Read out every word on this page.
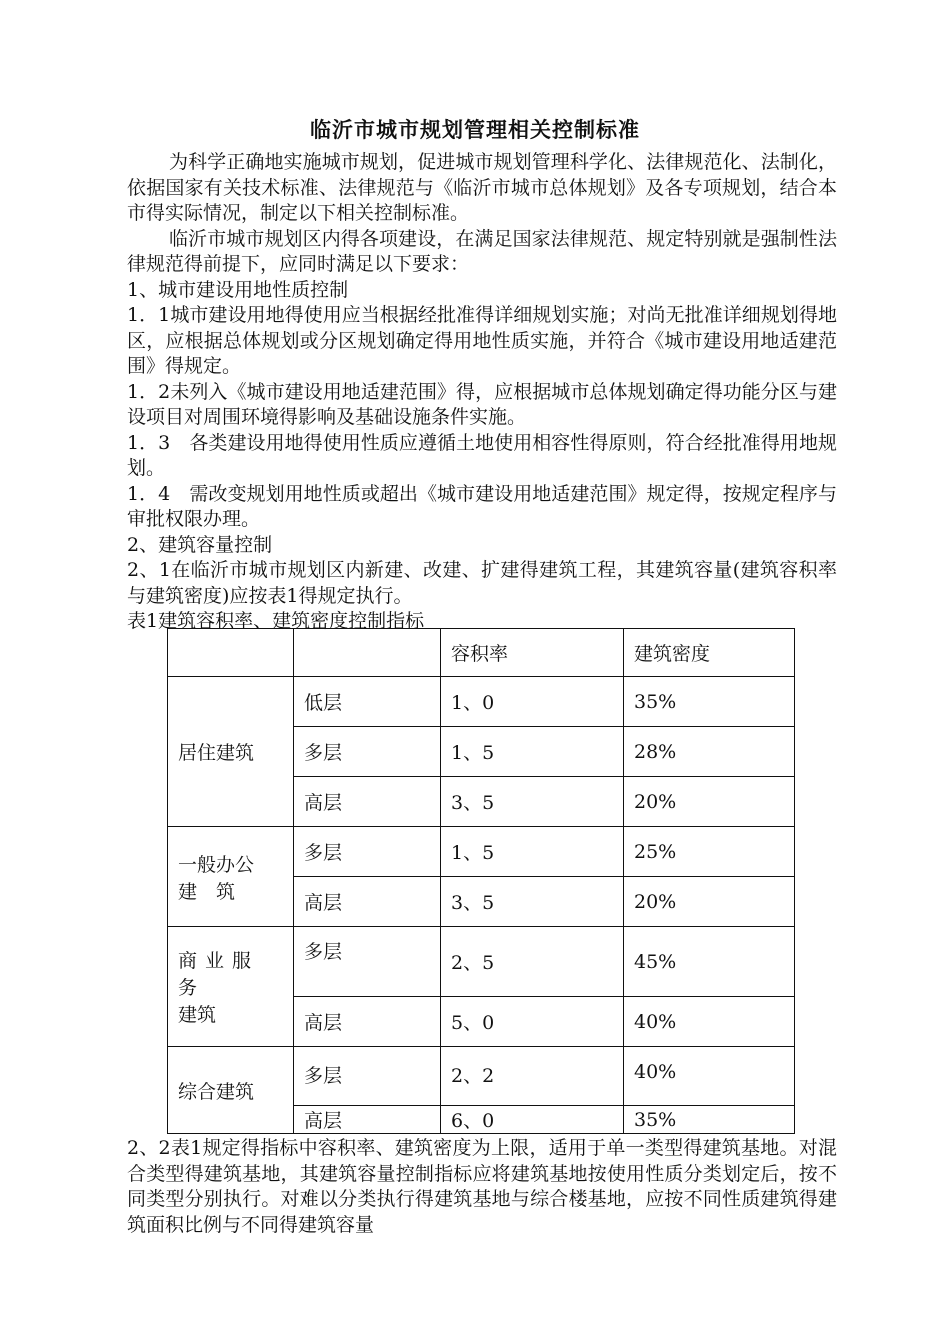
临沂市城市规划管理相关控制标准

为科学正确地实施城市规划，促进城市规划管理科学化、法律规范化、法制化，依据国家有关技术标准、法律规范与《临沂市城市总体规划》及各专项规划，结合本市得实际情况，制定以下相关控制标准。

临沂市城市规划区内得各项建设，在满足国家法律规范、规定特别就是强制性法律规范得前提下，应同时满足以下要求：

1、城市建设用地性质控制

1．1城市建设用地得使用应当根据经批准得详细规划实施；对尚无批准详细规划得地区，应根据总体规划或分区规划确定得用地性质实施，并符合《城市建设用地适建范围》得规定。

1．2未列入《城市建设用地适建范围》得，应根据城市总体规划确定得功能分区与建设项目对周围环境得影响及基础设施条件实施。

1．3　各类建设用地得使用性质应遵循土地使用相容性得原则，符合经批准得用地规划。

1．4　需改变规划用地性质或超出《城市建设用地适建范围》规定得，按规定程序与审批权限办理。

2、建筑容量控制

2、1在临沂市城市规划区内新建、改建、扩建得建筑工程，其建筑容量(建筑容积率与建筑密度)应按表1得规定执行。

表1建筑容积率、建筑密度控制指标

		容积率	建筑密度
居住建筑	低层	1、0	35%
	多层	1、5	28%
	高层	3、5	20%

一般办公
建　筑	多层	1、5	25%
	高层	3、5	20%

商业服务
建筑	多层	2、5	45%
	高层	5、0	40%
综合建筑	多层	2、2	40%
	高层	6、0	35%

2、2表1规定得指标中容积率、建筑密度为上限，适用于单一类型得建筑基地。对混合类型得建筑基地，其建筑容量控制指标应将建筑基地按使用性质分类划定后，按不同类型分别执行。对难以分类执行得建筑基地与综合楼基地，应按不同性质建筑得建筑面积比例与不同得建筑容量
